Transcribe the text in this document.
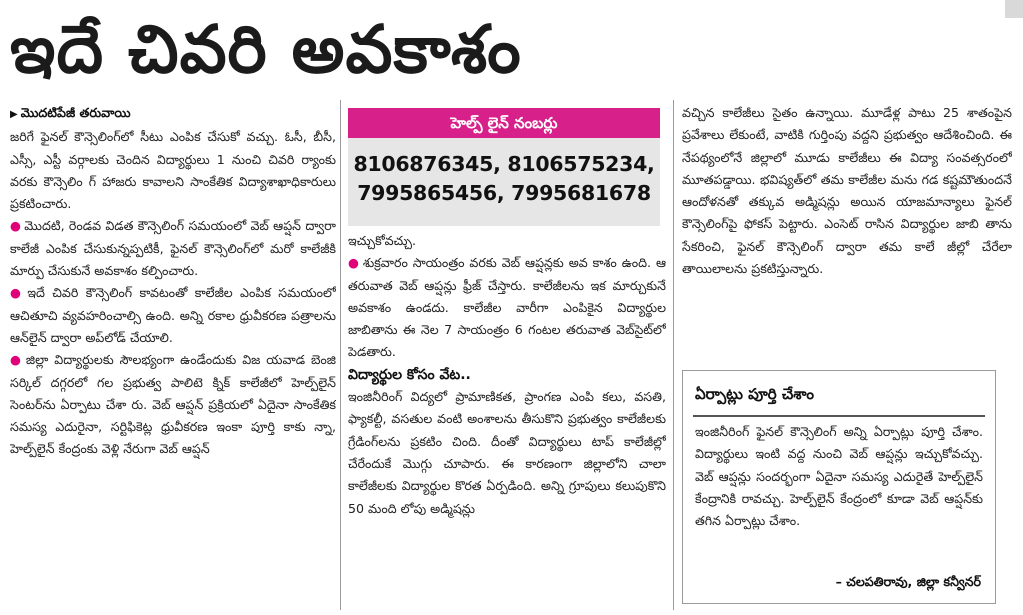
ఇదే చివరి అవకాశం

▶ మొదటిపేజీ తరువాయి

జరిగే ఫైనల్ కౌన్సెలింగ్‌లో సీటు ఎంపిక చేసుకో వచ్చు. ఓసీ, బీసీ, ఎస్సీ, ఎస్టీ వర్గాలకు చెందిన విద్యార్థులు 1 నుంచి చివరి ర్యాంకు వరకు కౌన్సెలిం గ్ హాజరు కావాలని సాంకేతిక విద్యాశాఖాధికారులు ప్రకటించారు.

● మొదటి, రెండవ విడత కౌన్సెలింగ్ సమయంలో వెబ్ ఆప్షన్ ద్వారా కాలేజీ ఎంపిక చేసుకున్నప్పటికీ, ఫైనల్ కౌన్సెలింగ్‌లో మరో కాలేజీకి మార్పు చేసుకునే అవకాశం కల్పించారు.

● ఇదే చివరి కౌన్సెలింగ్ కావటంతో కాలేజీల ఎంపిక సమయంలో ఆచితూచి వ్యవహరించాల్సి ఉంది. అన్ని రకాల ధ్రువీకరణ పత్రాలను ఆన్‌లైన్ ద్వారా అప్‌లోడ్ చేయాలి.

● జిల్లా విద్యార్థులకు సౌలభ్యంగా ఉండేందుకు విజ యవాడ బెంజి సర్కిల్ దగ్గరలో గల ప్రభుత్వ పాలిటె క్నిక్ కాలేజీలో హెల్ప్‌లైన్ సెంటర్‌ను ఏర్పాటు చేశా రు. వెబ్ ఆప్షన్ ప్రక్రియలో ఏదైనా సాంకేతిక సమస్య ఎదురైనా, సర్టిఫికెట్ల ధ్రువీకరణ ఇంకా పూర్తి కాకు న్నా, హెల్ప్‌లైన్ కేంద్రంకు వెళ్లి నేరుగా వెబ్ ఆప్షన్

హెల్ప్ లైన్ నంబర్లు
8106876345, 8106575234, 7995865456, 7995681678

ఇచ్చుకోవచ్చు.

● శుక్రవారం సాయంత్రం వరకు వెబ్ ఆప్షన్లకు అవ కాశం ఉంది. ఆ తరువాత వెబ్ ఆప్షన్లు ఫ్రీజ్ చేస్తారు. కాలేజీలను ఇక మార్చుకునే అవకాశం ఉండదు. కాలేజీల వారీగా ఎంపికైన విద్యార్థుల జాబితాను ఈ నెల 7 సాయంత్రం 6 గంటల తరువాత వెబ్‌సైట్‌లో పెడతారు.

విద్యార్థుల కోసం వేట..

ఇంజినీరింగ్ విద్యలో ప్రామాణికత, ప్రాంగణ ఎంపి కలు, వసతి, ఫ్యాకల్టీ, వసతుల వంటి అంశాలను తీసుకొని ప్రభుత్వం కాలేజీలకు గ్రేడింగ్‌లను ప్రకటిం చింది. దీంతో విద్యార్థులు టాప్ కాలేజీల్లో చేరేందుకే మొగ్గు చూపారు. ఈ కారణంగా జిల్లాలోని చాలా కాలేజీలకు విద్యార్థుల కొరత ఏర్పడింది. అన్ని గ్రూపులు కలుపుకొని 50 మంది లోపు అడ్మిషన్లు

వచ్చిన కాలేజీలు సైతం ఉన్నాయి. మూడేళ్ల పాటు 25 శాతంపైన ప్రవేశాలు లేకుంటే, వాటికి గుర్తింపు వద్దని ప్రభుత్వం ఆదేశించింది. ఈ నేపథ్యంలోనే జిల్లాలో మూడు కాలేజీలు ఈ విద్యా సంవత్సరంలో మూతపడ్డాయి. భవిష్యత్‌లో తమ కాలేజీల మను గడ కష్టమౌతుందనే ఆందోళనతో తక్కువ అడ్మిషన్లు అయిన యాజమాన్యాలు ఫైనల్ కౌన్సెలింగ్‌పై ఫోకస్ పెట్టారు. ఎంసెట్ రాసిన విద్యార్థుల జాబి తాను సేకరించి, ఫైనల్ కౌన్సెలింగ్ ద్వారా తమ కాలే జీల్లో చేరేలా తాయిలాలను ప్రకటిస్తున్నారు.

ఏర్పాట్లు పూర్తి చేశాం
ఇంజినీరింగ్ ఫైనల్ కౌన్సెలింగ్ అన్ని ఏర్పాట్లు పూర్తి చేశాం. విద్యార్థులు ఇంటి వద్ద నుంచి వెబ్ ఆప్షన్లు ఇచ్చుకోవచ్చు. వెబ్ ఆప్షన్లు సందర్భంగా ఏదైనా సమస్య ఎదురైతే హెల్ప్‌లైన్ కేంద్రానికి రావచ్చు. హెల్ప్‌లైన్ కేంద్రంలో కూడా వెబ్ ఆప్షన్‌కు తగిన ఏర్పాట్లు చేశాం.
– చలపతిరావు, జిల్లా కన్వీనర్
